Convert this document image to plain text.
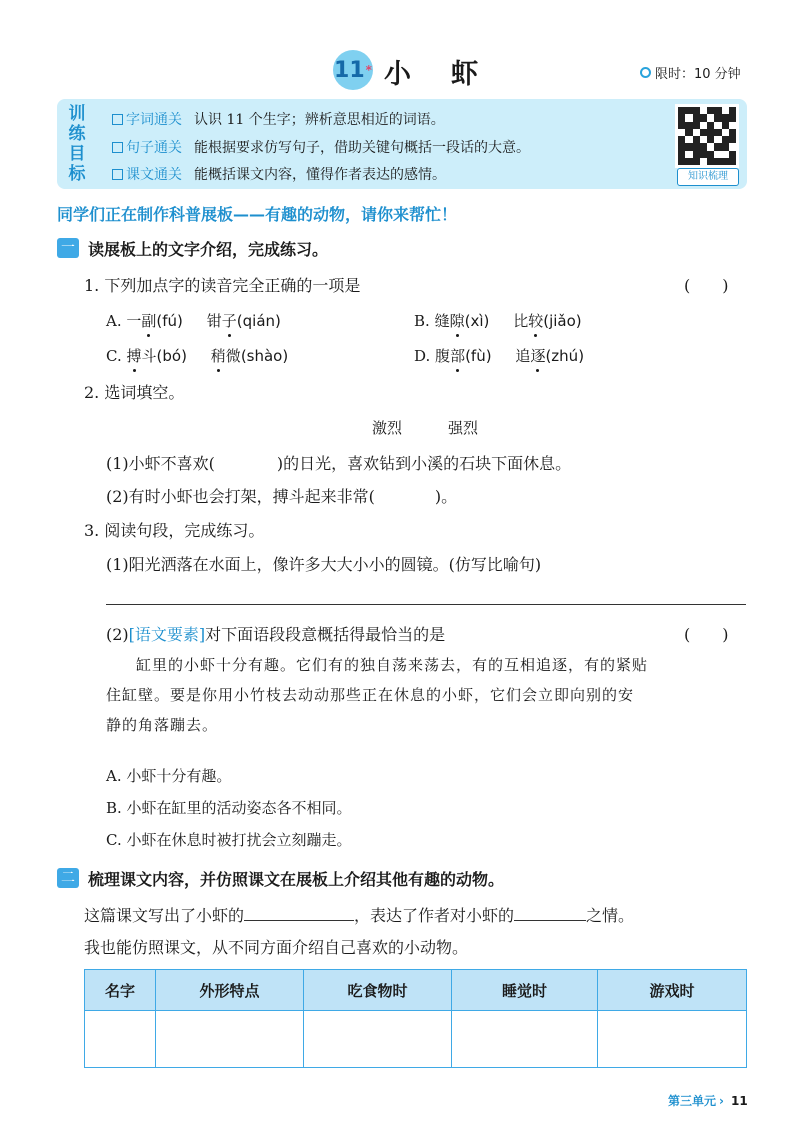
11 * 小虾	限时：10 分钟
训
练
目
标
字词通关 认识 11 个生字；辨析意思相近的词语。
句子通关 能根据要求仿写句子，借助关键句概括一段话的大意。
课文通关 能概括课文内容，懂得作者表达的感情。	知识梳理
同学们正在制作科普展板——有趣的动物，请你来帮忙！
一 读展板上的文字介绍，完成练习。
1. 下列加点字的读音完全正确的一项是	(　　)
A. 一副(fú) 钳子(qián)	B. 缝隙(xì) 比较(jiǎo)
C. 搏斗(bó) 稍微(shào)	D. 腹部(fù) 追逐(zhú)
2. 选词填空。
激烈	强烈
(1)小虾不喜欢(	)的日光，喜欢钻到小溪的石块下面休息。
(2)有时小虾也会打架，搏斗起来非常(	)。
3. 阅读句段，完成练习。
(1)阳光洒落在水面上，像许多大大小小的圆镜。(仿写比喻句)
(2)[语文要素]对下面语段段意概括得最恰当的是	(　　)
缸里的小虾十分有趣。它们有的独自荡来荡去，有的互相追逐，有的紧贴
住缸壁。要是你用小竹枝去动动那些正在休息的小虾，它们会立即向别的安
静的角落蹦去。
A. 小虾十分有趣。
B. 小虾在缸里的活动姿态各不相同。
C. 小虾在休息时被打扰会立刻蹦走。
二 梳理课文内容，并仿照课文在展板上介绍其他有趣的动物。
这篇课文写出了小虾的	，表达了作者对小虾的	之情。
我也能仿照课文，从不同方面介绍自己喜欢的小动物。
名字	外形特点	吃食物时	睡觉时	游戏时

第三单元 › 11
